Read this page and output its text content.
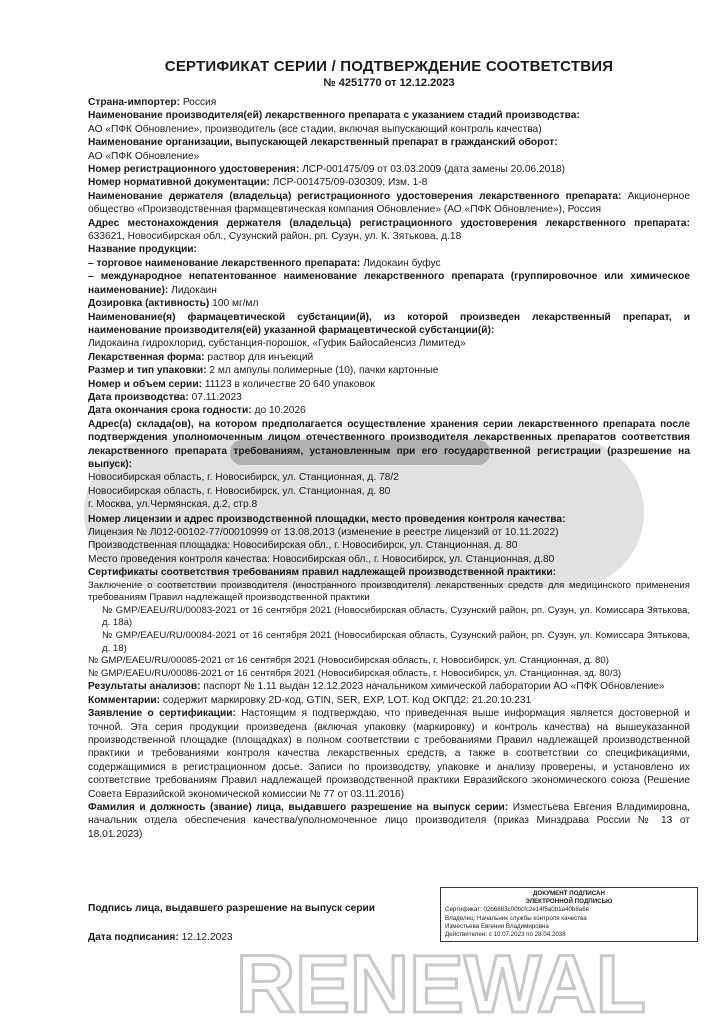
RENEWAL
СЕРТИФИКАТ СЕРИИ / ПОДТВЕРЖДЕНИЕ СООТВЕТСТВИЯ
№ 4251770 от 12.12.2023

Страна-импортер: Россия

Наименование производителя(ей) лекарственного препарата с указанием стадий производства:

АО «ПФК Обновление», производитель (все стадии, включая выпускающий контроль качества)

Наименование организации, выпускающей лекарственный препарат в гражданский оборот:

АО «ПФК Обновление»

Номер регистрационного удостоверения: ЛСР-001475/09 от 03.03.2009 (дата замены 20.06.2018)

Номер нормативной документации: ЛСР-001475/09-030309, Изм. 1-8

Наименование держателя (владельца) регистрационного удостоверения лекарственного препарата: Акционерное общество «Производственная фармацевтическая компания Обновление» (АО «ПФК Обновление»), Россия

Адрес местонахождения держателя (владельца) регистрационного удостоверения лекарственного препарата: 633621, Новосибирская обл., Сузунский район, рп. Сузун, ул. К. Зятькова, д.18

Название продукции:

– торговое наименование лекарственного препарата: Лидокаин буфус

– международное непатентованное наименование лекарственного препарата (группировочное или химическое наименование): Лидокаин

Дозировка (активность) 100 мг/мл

Наименование(я) фармацевтической субстанции(й), из которой произведен лекарственный препарат, и наименование производителя(ей) указанной фармацевтической субстанции(й):

Лидокаина гидрохлорид, субстанция-порошок, «Гуфик Байосайенсиз Лимитед»

Лекарственная форма: раствор для инъекций

Размер и тип упаковки: 2 мл ампулы полимерные (10), пачки картонные

Номер и объем серии: 11123 в количестве 20 640 упаковок

Дата производства: 07.11.2023

Дата окончания срока годности: до 10.2026

Адрес(а) склада(ов), на котором предполагается осуществление хранения серии лекарственного препарата после подтверждения уполномоченным лицом отечественного производителя лекарственных препаратов соответствия лекарственного препарата требованиям, установленным при его государственной регистрации (разрешение на выпуск):

Новосибирская область, г. Новосибирск, ул. Станционная, д. 78/2

Новосибирская область, г. Новосибирск, ул. Станционная, д. 80

г. Москва, ул.Чермянская, д.2, стр.8

Номер лицензии и адрес производственной площадки, место проведения контроля качества:

Лицензия № Л012-00102-77/00010999 от 13.08.2013 (изменение в реестре лицензий от 10.11.2022)

Производственная площадка: Новосибирская обл., г. Новосибирск, ул. Станционная, д. 80

Место проведения контроля качества: Новосибирская обл., г. Новосибирск, ул. Станционная, д.80

Сертификаты соответствия требованиям правил надлежащей производственной практики:

Заключение о соответствии производителя (иностранного производителя) лекарственных средств для медицинского применения требованиям Правил надлежащей производственной практики

№ GMP/EAEU/RU/00083-2021 от 16 сентября 2021 (Новосибирская область, Сузунский район, рп. Сузун, ул. Комиссара Зятькова, д. 18а)

№ GMP/EAEU/RU/00084-2021 от 16 сентября 2021 (Новосибирская область, Сузунский район, рп. Сузун, ул. Комиссара Зятькова, д. 18)

№ GMP/EAEU/RU/00085-2021 от 16 сентября 2021 (Новосибирская область, г. Новосибирск, ул. Станционная, д. 80)

№ GMP/EAEU/RU/00086-2021 от 16 сентября 2021 (Новосибирская область, г. Новосибирск, ул. Станционная, зд. 80/3)

Результаты анализов: паспорт № 1.11 выдан 12.12.2023 начальником химической лаборатории АО «ПФК Обновление»

Комментарии: содержит маркировку 2D-код, GTIN, SER, EXP, LOT. Код ОКПД2: 21.20.10.231

Заявление о сертификации: Настоящим я подтверждаю, что приведенная выше информация является достоверной и точной. Эта серия продукции произведена (включая упаковку (маркировку) и контроль качества) на вышеуказанной производственной площадке (площадках) в полном соответствии с требованиями Правил надлежащей производственной практики и требованиями контроля качества лекарственных средств, а также в соответствии со спецификациями, содержащимися в регистрационном досье. Записи по производству, упаковке и анализу проверены, и установлено их соответствие требованиям Правил надлежащей производственной практики Евразийского экономического союза (Решение Совета Евразийской экономической комиссии № 77 от 03.11.2016)

Фамилия и должность (звание) лица, выдавшего разрешение на выпуск серии: Изместьева Евгения Владимировна, начальник отдела обеспечения качества/уполномоченное лицо производителя (приказ Минздрава России № 13 от 18.01.2023)

Подпись лица, выдавшего разрешение на выпуск серии
Дата подписания: 12.12.2023
ДОКУМЕНТ ПОДПИСАН
ЭЛЕКТРОННОЙ ПОДПИСЬЮ
Сертификат: 02b6883c00bcfc2e14f5a0b1a40b8a6e
Владелец: Начальник службы контроля качества
Изместьева Евгения Владимировна
Действителен: с 10.07.2023 по 28.04.2038
